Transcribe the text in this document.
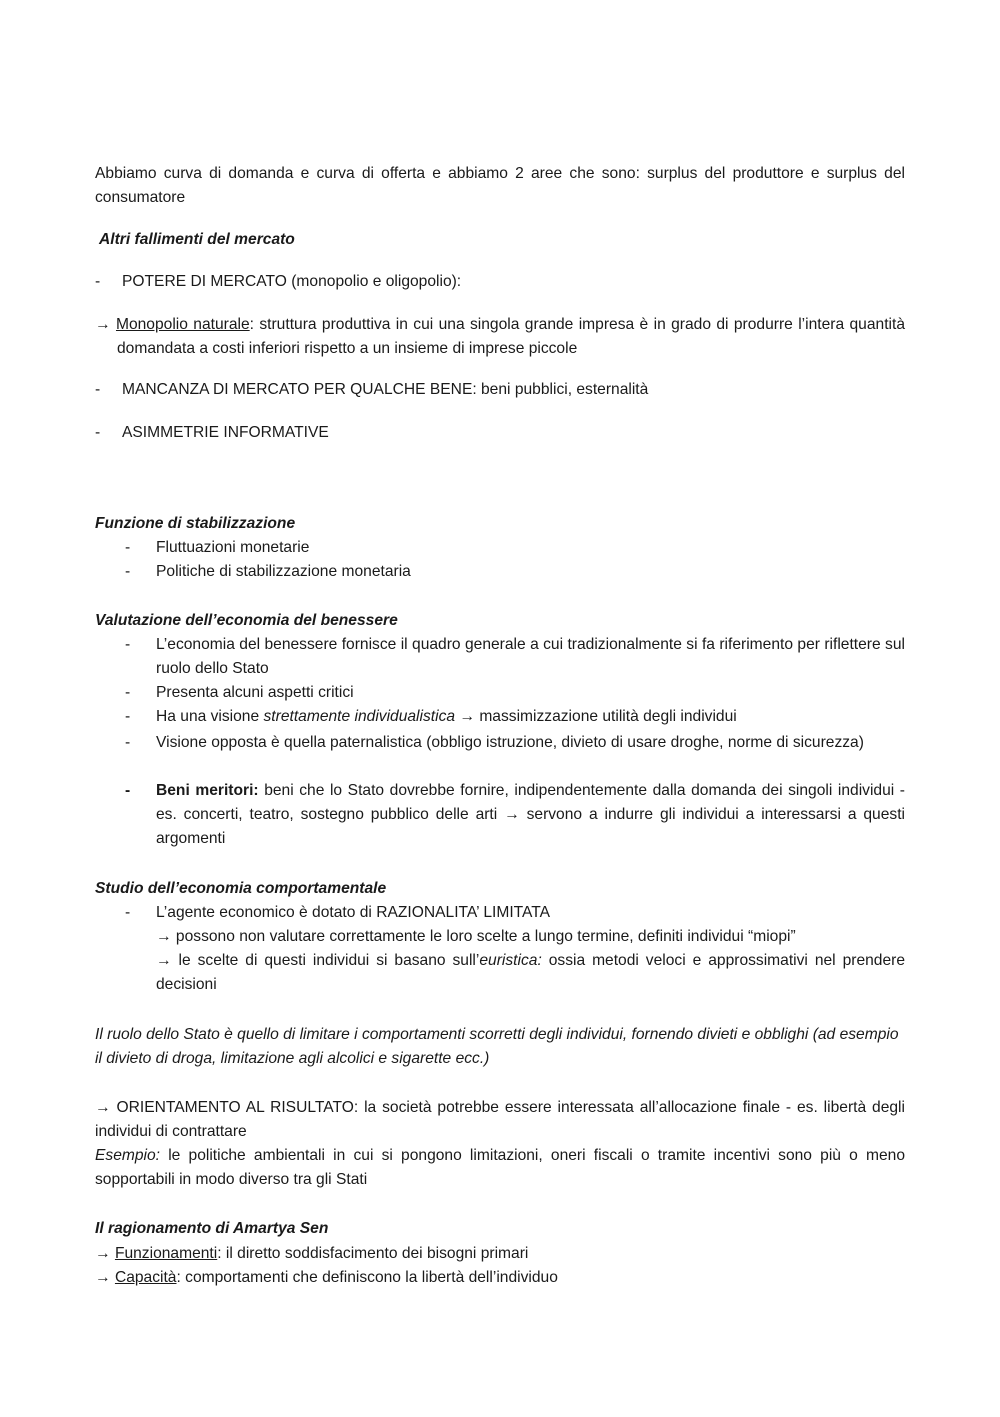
Abbiamo curva di domanda e curva di offerta e abbiamo 2 aree che sono: surplus del produttore e surplus del consumatore
Altri fallimenti del mercato
-	POTERE DI MERCATO (monopolio e oligopolio):
→ Monopolio naturale: struttura produttiva in cui una singola grande impresa è in grado di produrre l’intera quantità domandata a costi inferiori rispetto a un insieme di imprese piccole
-	MANCANZA DI MERCATO PER QUALCHE BENE: beni pubblici, esternalità
-	ASIMMETRIE INFORMATIVE
Funzione di stabilizzazione
-	Fluttuazioni monetarie
-	Politiche di stabilizzazione monetaria
Valutazione dell’economia del benessere
-	L’economia del benessere fornisce il quadro generale a cui tradizionalmente si fa riferimento per riflettere sul ruolo dello Stato
-	Presenta alcuni aspetti critici
-	Ha una visione strettamente individualistica → massimizzazione utilità degli individui
-	Visione opposta è quella paternalistica (obbligo istruzione, divieto di usare droghe, norme di sicurezza)
-	Beni meritori: beni che lo Stato dovrebbe fornire, indipendentemente dalla domanda dei singoli individui - es. concerti, teatro, sostegno pubblico delle arti → servono a indurre gli individui a interessarsi a questi argomenti
Studio dell’economia comportamentale
-	L’agente economico è dotato di RAZIONALITA’ LIMITATA
→ possono non valutare correttamente le loro scelte a lungo termine, definiti individui “miopi”
→ le scelte di questi individui si basano sull’euristica: ossia metodi veloci e approssimativi nel prendere decisioni
Il ruolo dello Stato è quello di limitare i comportamenti scorretti degli individui, fornendo divieti e obblighi (ad esempio il divieto di droga, limitazione agli alcolici e sigarette ecc.)
→ ORIENTAMENTO AL RISULTATO: la società potrebbe essere interessata all’allocazione finale - es. libertà degli individui di contrattare
Esempio: le politiche ambientali in cui si pongono limitazioni, oneri fiscali o tramite incentivi sono più o meno sopportabili in modo diverso tra gli Stati
Il ragionamento di Amartya Sen
→ Funzionamenti: il diretto soddisfacimento dei bisogni primari
→ Capacità: comportamenti che definiscono la libertà dell’individuo
